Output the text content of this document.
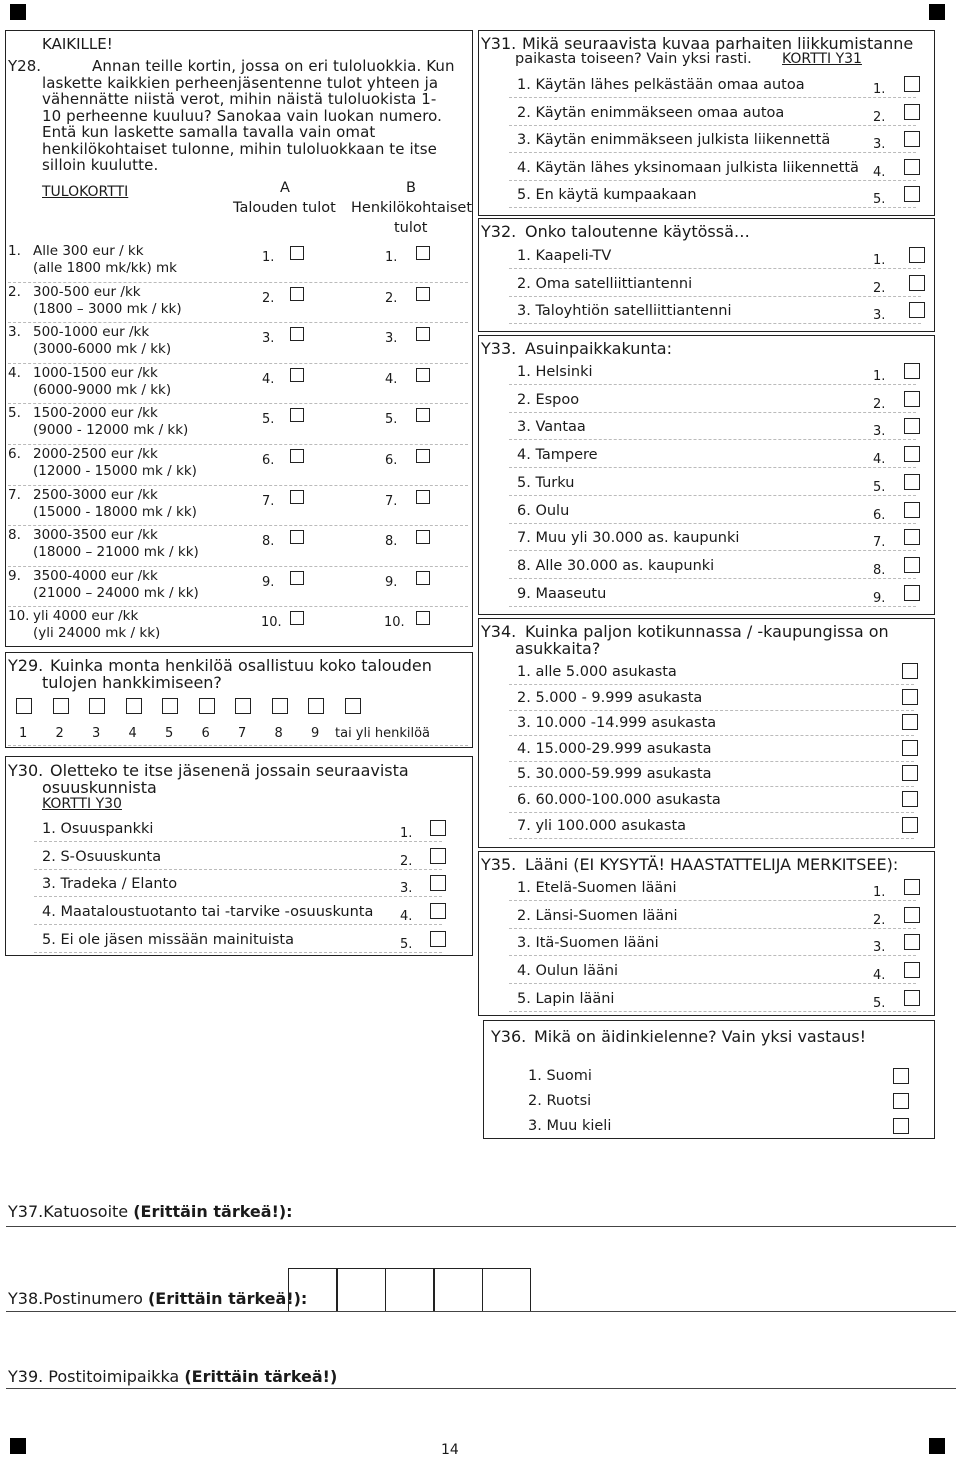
KAIKILLE!
Y28.	Annan teille kortin, jossa on eri tuloluokkia. Kun
laskette kaikkien perheenjäsentenne tulot yhteen ja
vähennätte niistä verot, mihin näistä tuloluokista 1-
10 perheenne kuuluu? Sanokaa vain luokan numero.
Entä kun laskette samalla tavalla vain omat
henkilökohtaiset tulonne, mihin tuloluokkaan te itse
silloin kuulutte.
TULOKORTTI	A
Talouden tulot
B
Henkilökohtaiset
tulot
1. Alle 300 eur / kk
(alle 1800 mk/kk) mk
1.	1.
2. 300-500 eur /kk
(1800 – 3000 mk / kk)
2.	2.
3. 500-1000 eur /kk
(3000-6000 mk / kk)
3.	3.
4. 1000-1500 eur /kk
(6000-9000 mk / kk)
4.	4.
5. 1500-2000 eur /kk
(9000 - 12000 mk / kk)
5.	5.
6. 2000-2500 eur /kk
(12000 - 15000 mk / kk)
6.	6.
7. 2500-3000 eur /kk
(15000 - 18000 mk / kk)
7.	7.
8. 3000-3500 eur /kk
(18000 – 21000 mk / kk)
8.	8.
9. 3500-4000 eur /kk
(21000 – 24000 mk / kk)
9.	9.
10. yli 4000 eur /kk
(yli 24000 mk / kk)
10.	10.
Y29. Kuinka monta henkilöä osallistuu koko talouden
tulojen hankkimiseen?
1 2 3 4 5 6 7 8 9 tai yli henkilöä
Y30. Oletteko te itse jäsenenä jossain seuraavista
osuuskunnista
KORTTI Y30
1. Osuuspankki	1.
2. S-Osuuskunta	2.
3. Tradeka / Elanto	3.
4. Maataloustuotanto tai -tarvike -osuuskunta 4.
5. Ei ole jäsen missään mainituista	5.
Y31. Mikä seuraavista kuvaa parhaiten liikkumistanne
paikasta toiseen? Vain yksi rasti. KORTTI Y31
1. Käytän lähes pelkästään omaa autoa	1.
2. Käytän enimmäkseen omaa autoa	2.
3. Käytän enimmäkseen julkista liikennettä	3.
4. Käytän lähes yksinomaan julkista liikennettä 4.
5. En käytä kumpaakaan	5.
Y32. Onko taloutenne käytössä…
1. Kaapeli-TV	1.
2. Oma satelliittiantenni	2.
3. Taloyhtiön satelliittiantenni	3.
Y33. Asuinpaikkakunta:
1. Helsinki	1.
2. Espoo	2.
3. Vantaa	3.
4. Tampere	4.
5. Turku	5.
6. Oulu	6.
7. Muu yli 30.000 as. kaupunki	7.
8. Alle 30.000 as. kaupunki	8.
9. Maaseutu	9.
Y34. Kuinka paljon kotikunnassa / -kaupungissa on
asukkaita?
1. alle 5.000 asukasta
2. 5.000 - 9.999 asukasta
3. 10.000 -14.999 asukasta
4. 15.000-29.999 asukasta
5. 30.000-59.999 asukasta
6. 60.000-100.000 asukasta
7. yli 100.000 asukasta
Y35. Lääni (EI KYSYTÄ! HAASTATTELIJA MERKITSEE):
1. Etelä-Suomen lääni	1.
2. Länsi-Suomen lääni	2.
3. Itä-Suomen lääni	3.
4. Oulun lääni	4.
5. Lapin lääni	5.
Y36. Mikä on äidinkielenne? Vain yksi vastaus!
1. Suomi
2. Ruotsi
3. Muu kieli
Y37.Katuosoite (Erittäin tärkeä!):
Y38.Postinumero (Erittäin tärkeä!):
Y39. Postitoimipaikka (Erittäin tärkeä!)
14
